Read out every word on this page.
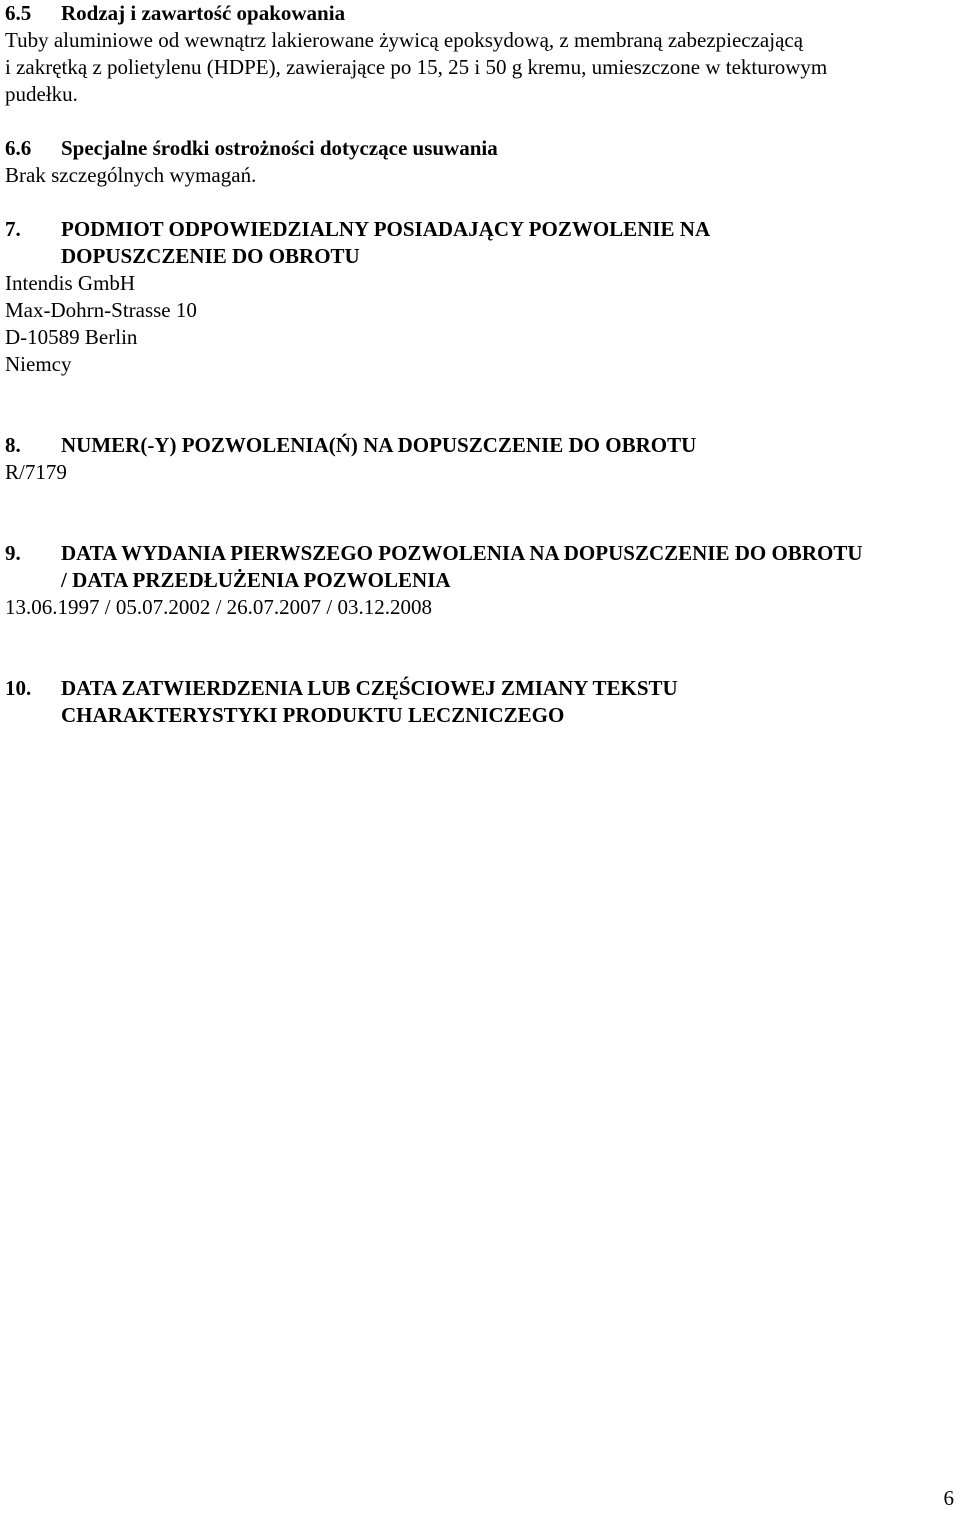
6.5	Rodzaj i zawartość opakowania
Tuby aluminiowe od wewnątrz lakierowane żywicą epoksydową, z membraną zabezpieczającą
i zakrętką z polietylenu (HDPE), zawierające po 15, 25 i 50 g kremu, umieszczone w tekturowym
pudełku.
6.6	Specjalne środki ostrożności dotyczące usuwania
Brak szczególnych wymagań.
7.	PODMIOT ODPOWIEDZIALNY POSIADAJĄCY POZWOLENIE NA
DOPUSZCZENIE DO OBROTU
Intendis GmbH
Max-Dohrn-Strasse 10
D-10589 Berlin
Niemcy
8.	NUMER(-Y) POZWOLENIA(Ń) NA DOPUSZCZENIE DO OBROTU
R/7179
9.	DATA WYDANIA PIERWSZEGO POZWOLENIA NA DOPUSZCZENIE DO OBROTU
/ DATA PRZEDŁUŻENIA POZWOLENIA
13.06.1997 / 05.07.2002 / 26.07.2007 / 03.12.2008
10.	DATA ZATWIERDZENIA LUB CZĘŚCIOWEJ ZMIANY TEKSTU
CHARAKTERYSTYKI PRODUKTU LECZNICZEGO
6
